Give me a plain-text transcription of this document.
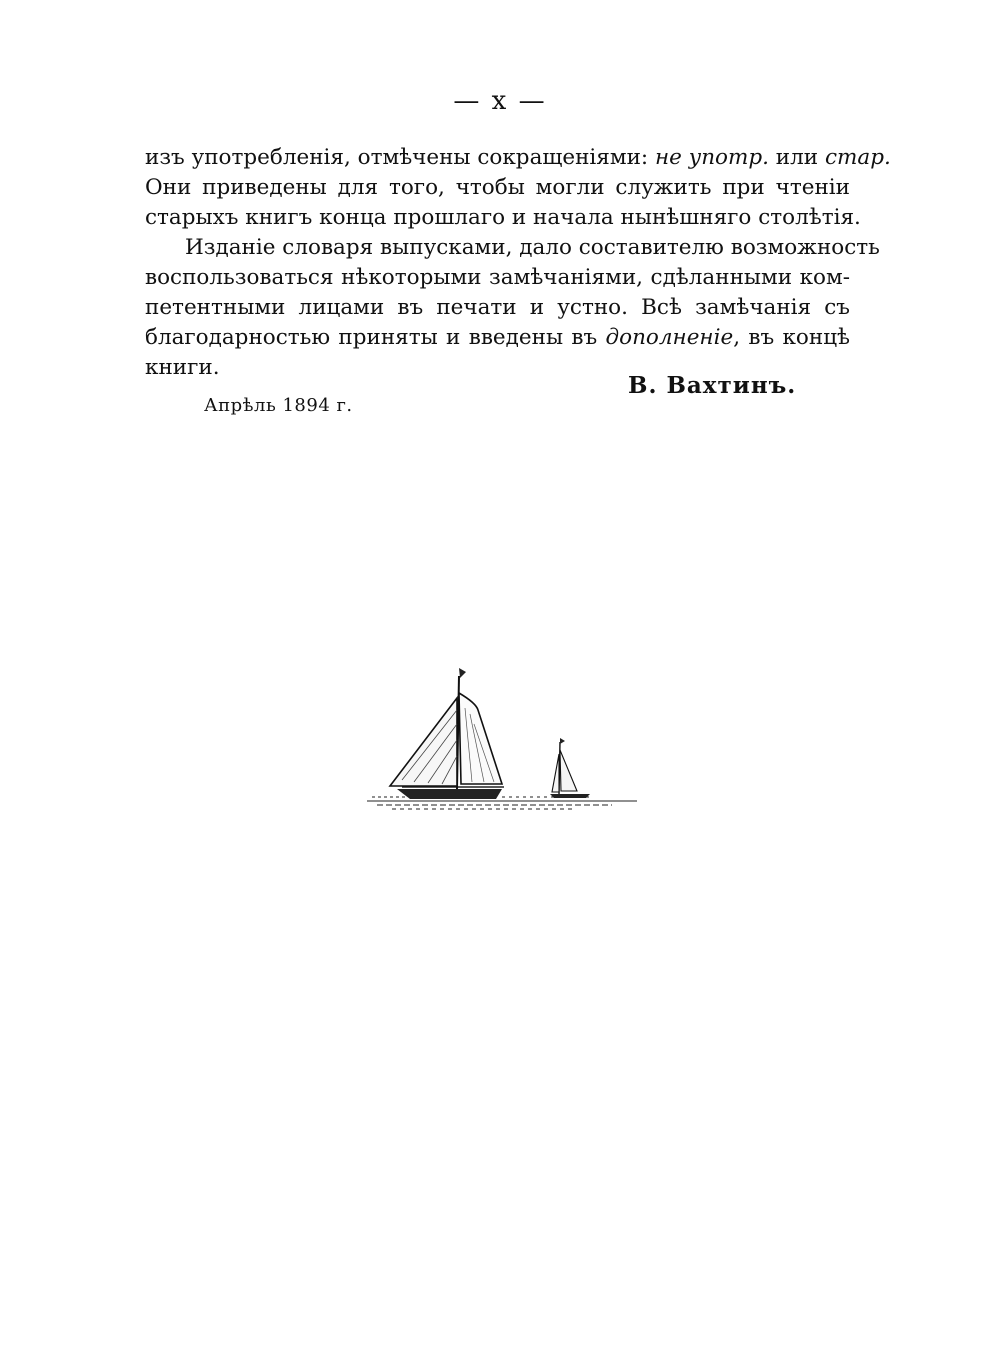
— x —
изъ употребленія, отмѣчены сокращеніями: не употр. или стар.
Они приведены для того, чтобы могли служить при чтеніи
старыхъ книгъ конца прошлаго и начала нынѣшняго столѣтія.
Изданіе словаря выпусками, дало составителю возможность
воспользоваться нѣкоторыми замѣчаніями, сдѣланными ком-
петентными лицами въ печати и устно. Всѣ замѣчанія съ
благодарностью приняты и введены въ дополненіе, въ концѣ
книги.
В. Вахтинъ.
Апрѣль 1894 г.
